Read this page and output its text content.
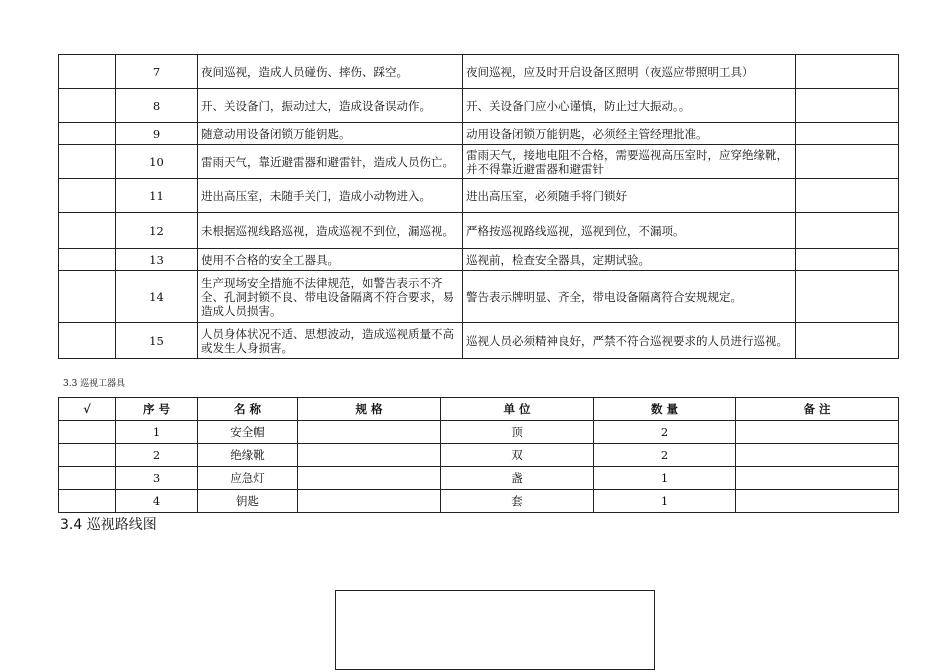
	7	夜间巡视，造成人员碰伤、摔伤、踩空。	夜间巡视，应及时开启设备区照明（夜巡应带照明工具）	
	8	开、关设备门，振动过大，造成设备误动作。	开、关设备门应小心谨慎，防止过大振动。。	
	9	随意动用设备闭锁万能钥匙。	动用设备闭锁万能钥匙，必须经主管经理批准。	
	10	雷雨天气，靠近避雷器和避雷针，造成人员伤亡。	雷雨天气，接地电阻不合格，需要巡视高压室时，应穿绝缘靴，并不得靠近避雷器和避雷针	
	11	进出高压室，未随手关门，造成小动物进入。	进出高压室，必须随手将门锁好	
	12	未根据巡视线路巡视，造成巡视不到位，漏巡视。	严格按巡视路线巡视，巡视到位，不漏项。	
	13	使用不合格的安全工器具。	巡视前，检查安全器具，定期试验。	
	14	生产现场安全措施不法律规范，如警告表示不齐全、孔洞封锁不良、带电设备隔离不符合要求，易造成人员损害。	警告表示牌明显、齐全，带电设备隔离符合安规规定。	
	15	人员身体状况不适、思想波动，造成巡视质量不高或发生人身损害。	巡视人员必须精神良好，严禁不符合巡视要求的人员进行巡视。	
3.3 巡视工器具
√	序 号	名 称	规 格	单 位	数 量	备 注
	1	安全帽		顶	2	
	2	绝缘靴		双	2	
	3	应急灯		盏	1	
	4	钥匙		套	1	
3.4 巡视路线图
